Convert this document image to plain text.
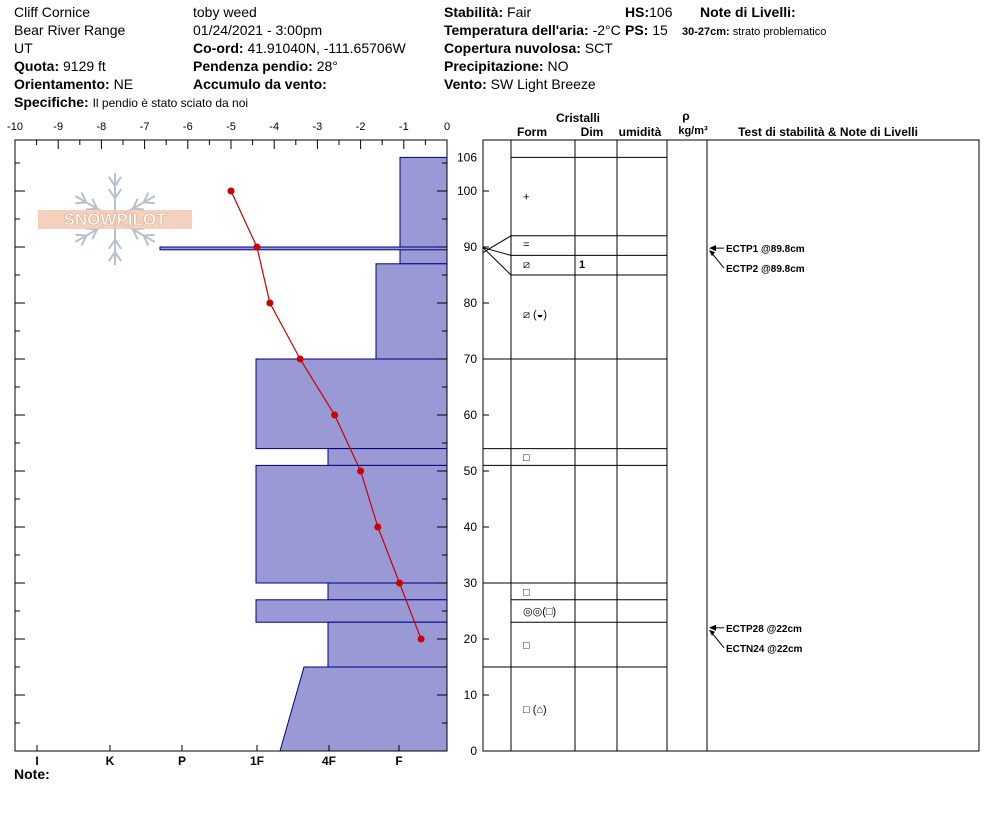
Cliff Cornice
Bear River Range
UT
Quota: 9129 ft
Orientamento: NE
Specifiche: Il pendio è stato sciato da noi
toby weed
01/24/2021 - 3:00pm
Co-ord: 41.91040N, -111.65706W
Pendenza pendio: 28°
Accumulo da vento:
Stabilità: Fair
Temperatura dell'aria: -2°C
Copertura nuvolosa: SCT
Precipitazione: NO
Vento: SW Light Breeze
HS:106
PS: 15
Note di Livelli:
30-27cm: strato problematico
Note:
SNOWPILOT
-10	-9	-8	-7	-6	-5	-4	-3	-2	-1	0
106
100
90
80
70
60
50
40
30
20
10
0
I	K	P	1F	4F	F
Cristalli
Form	Dim umidità
ρ
kg/m³	Test di stabilità & Note di Livelli
+
=
⧄	1
⧄ (◒)
□
□
◎◎(□)
□
□ (⌂)
ECTP1 @89.8cm
ECTP2 @89.8cm
ECTP28 @22cm
ECTN24 @22cm
